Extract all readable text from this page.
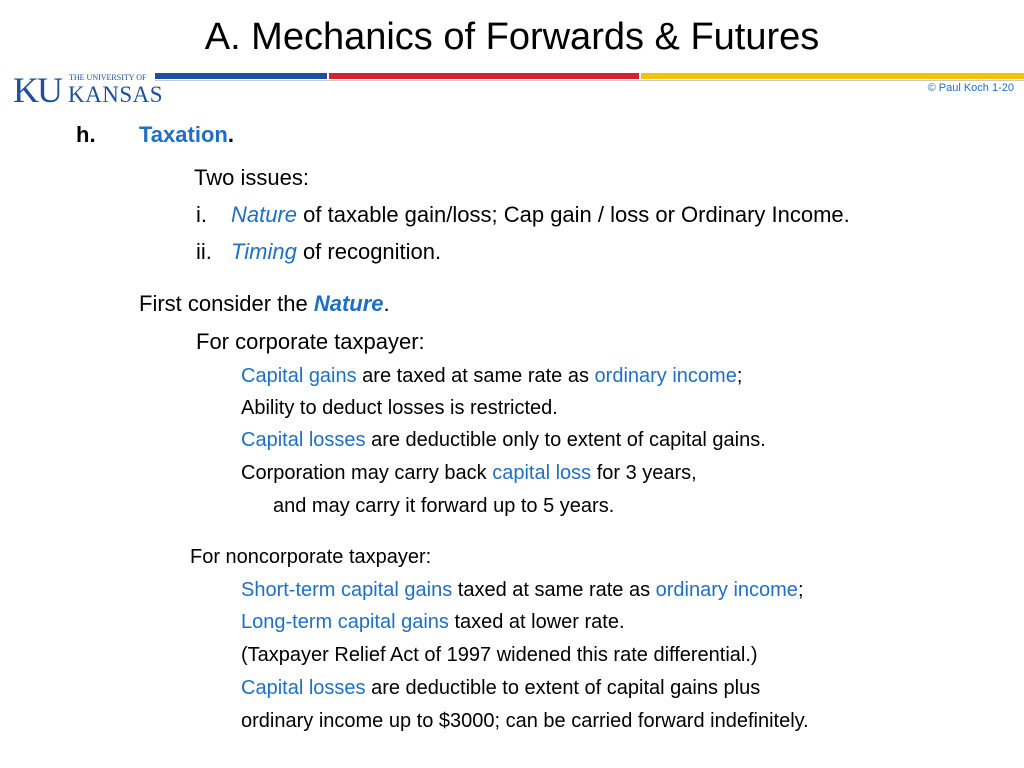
A. Mechanics of Forwards & Futures
KU THE UNIVERSITY OF
KANSAS	© Paul Koch 1-20
h. Taxation.
Two issues:
i. Nature of taxable gain/loss; Cap gain / loss or Ordinary Income.
ii. Timing of recognition.
First consider the Nature.
For corporate taxpayer:
Capital gains are taxed at same rate as ordinary income;
Ability to deduct losses is restricted.
Capital losses are deductible only to extent of capital gains.
Corporation may carry back capital loss for 3 years,
and may carry it forward up to 5 years.
For noncorporate taxpayer:
Short-term capital gains taxed at same rate as ordinary income;
Long-term capital gains taxed at lower rate.
(Taxpayer Relief Act of 1997 widened this rate differential.)
Capital losses are deductible to extent of capital gains plus
ordinary income up to $3000; can be carried forward indefinitely.
